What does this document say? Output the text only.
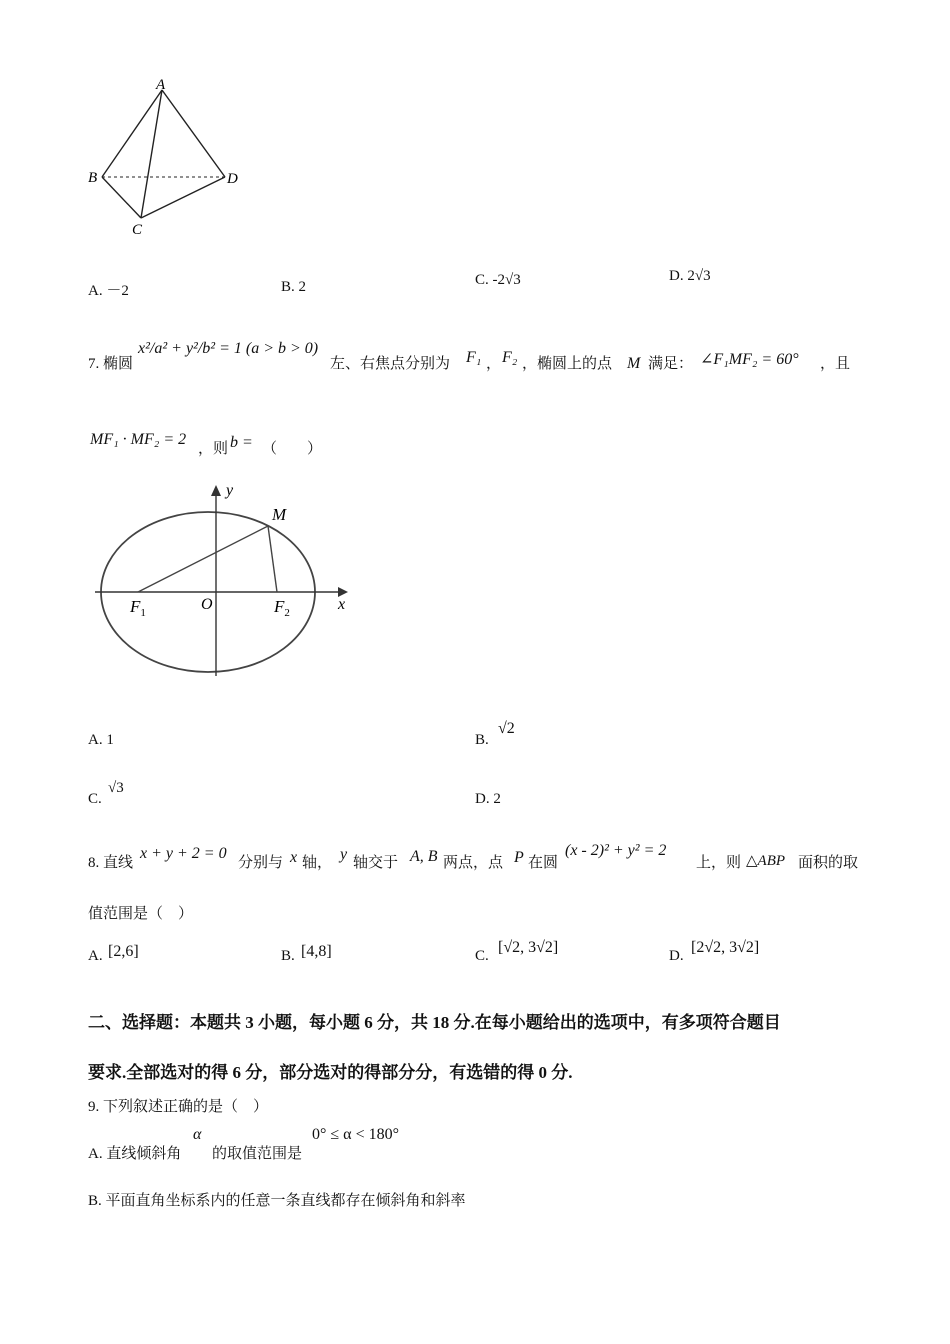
A
B
C
D
A. －2	B. 2	C. -2√3	D. 2√3
7. 椭圆
x²/a² + y²/b² = 1 (a > b > 0)
左、右焦点分别为 F₁ ， F₂ ，椭圆上的点 M 满足： ∠F₁MF₂ = 60° ，且
MF₁ · MF₂ = 2
，则 b = （　　）
y
x
M
O
$F_1$	$F_2$
A. 1	B.
√2
C.
√3
D. 2
8. 直线
x + y + 2 = 0
分别与 x 轴， y 轴交于 A, B 两点，点 P 在圆
(x - 2)² + y² = 2
上，则 △ABP 面积的取
值范围是（　）
A. [2,6]	B. [4,8]	C. [√2, 3√2]	D. [2√2, 3√2]
二、选择题：本题共 3 小题，每小题 6 分，共 18 分.在每小题给出的选项中，有多项符合题目
要求.全部选对的得 6 分，部分选对的得部分分，有选错的得 0 分.
9. 下列叙述正确的是（　）
A. 直线倾斜角
α
的取值范围是
0° ≤ α < 180°
B. 平面直角坐标系内的任意一条直线都存在倾斜角和斜率
